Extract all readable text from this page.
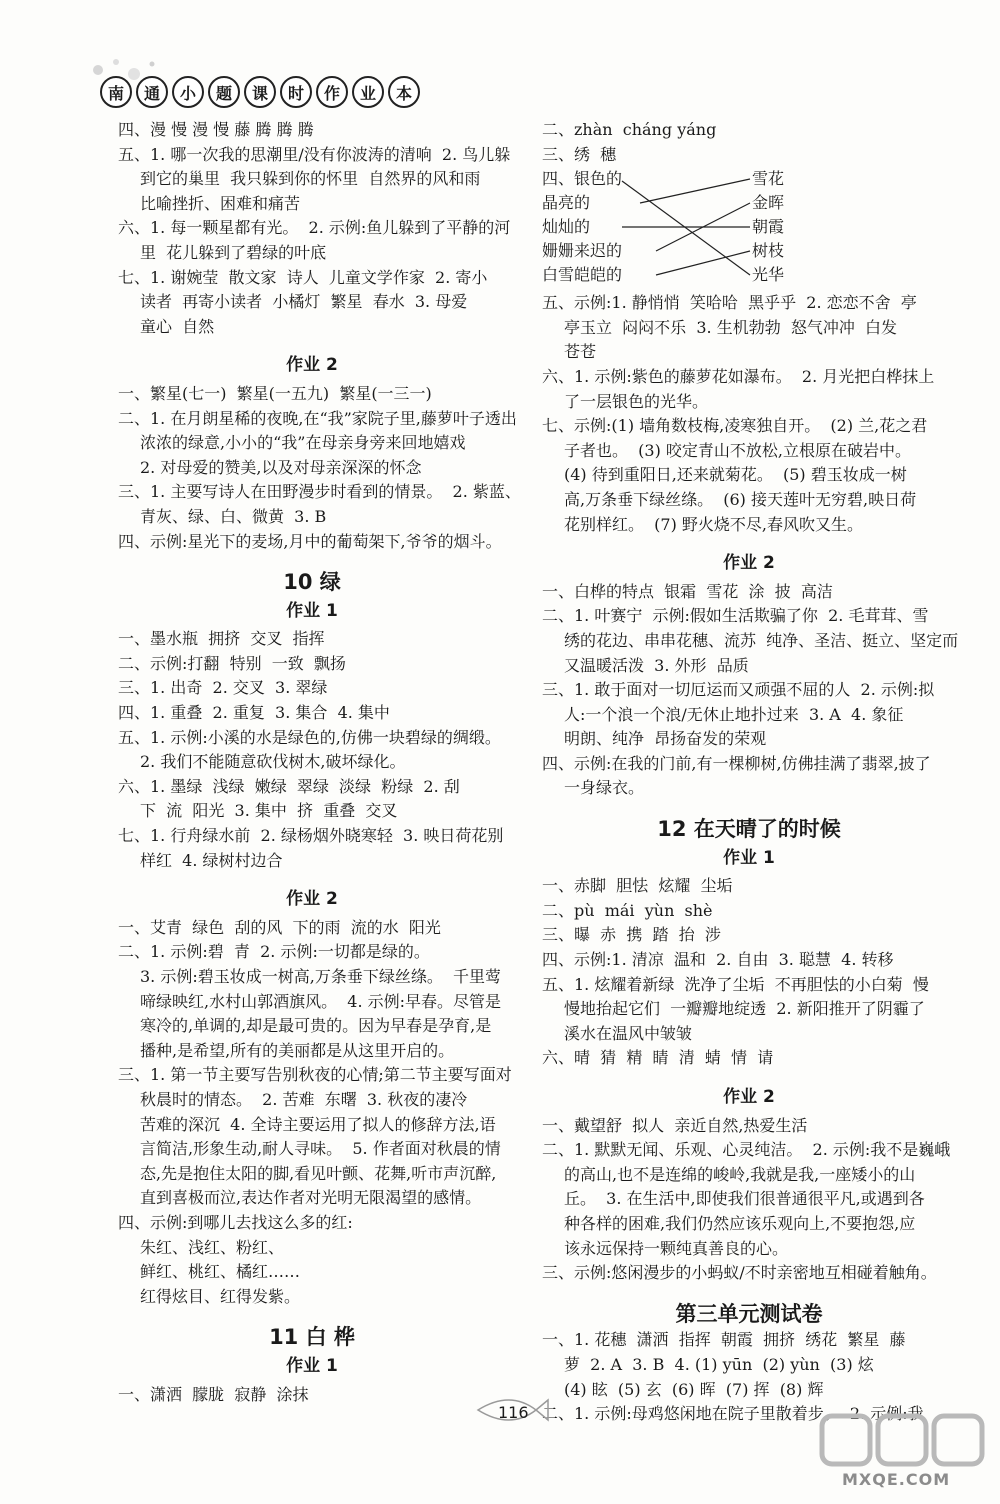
南	通	小	题	课	时	作	业	本
四、漫 慢 漫 慢 藤 腾 腾 腾
五、1. 哪一次我的思潮里/没有你波涛的清响  2. 鸟儿躲
到它的巢里  我只躲到你的怀里  自然界的风和雨
比喻挫折、困难和痛苦
六、1. 每一颗星都有光。  2. 示例:鱼儿躲到了平静的河
里  花儿躲到了碧绿的叶底
七、1. 谢婉莹  散文家  诗人  儿童文学作家  2. 寄小
读者  再寄小读者  小橘灯  繁星  春水  3. 母爱
童心  自然
作业 2
一、繁星(七一)  繁星(一五九)  繁星(一三一)
二、1. 在月朗星稀的夜晚,在“我”家院子里,藤萝叶子透出
浓浓的绿意,小小的“我”在母亲身旁来回地嬉戏
2. 对母爱的赞美,以及对母亲深深的怀念
三、1. 主要写诗人在田野漫步时看到的情景。  2. 紫蓝、
青灰、绿、白、微黄  3. B
四、示例:星光下的麦场,月中的葡萄架下,爷爷的烟斗。
10 绿
作业 1
一、墨水瓶  拥挤  交叉  指挥
二、示例:打翻  特别  一致  飘扬
三、1. 出奇  2. 交叉  3. 翠绿
四、1. 重叠  2. 重复  3. 集合  4. 集中
五、1. 示例:小溪的水是绿色的,仿佛一块碧绿的绸缎。
2. 我们不能随意砍伐树木,破坏绿化。
六、1. 墨绿  浅绿  嫩绿  翠绿  淡绿  粉绿  2. 刮
下  流  阳光  3. 集中  挤  重叠  交叉
七、1. 行舟绿水前  2. 绿杨烟外晓寒轻  3. 映日荷花别
样红  4. 绿树村边合
作业 2
一、艾青  绿色  刮的风  下的雨  流的水  阳光
二、1. 示例:碧  青  2. 示例:一切都是绿的。
3. 示例:碧玉妆成一树高,万条垂下绿丝绦。  千里莺
啼绿映红,水村山郭酒旗风。  4. 示例:早春。尽管是
寒冷的,单调的,却是最可贵的。因为早春是孕育,是
播种,是希望,所有的美丽都是从这里开启的。
三、1. 第一节主要写告别秋夜的心情;第二节主要写面对
秋晨时的情态。  2. 苦难  东曙  3. 秋夜的凄冷
苦难的深沉  4. 全诗主要运用了拟人的修辞方法,语
言简洁,形象生动,耐人寻味。  5. 作者面对秋晨的情
态,先是抱住太阳的脚,看见叶颤、花舞,听市声沉醉,
直到喜极而泣,表达作者对光明无限渴望的感情。
四、示例:到哪儿去找这么多的红:
朱红、浅红、粉红、
鲜红、桃红、橘红……
红得炫目、红得发紫。
11 白 桦
作业 1
一、潇洒  朦胧  寂静  涂抹
二、zhàn  cháng yáng
三、绣  穗
四、银色的
晶亮的
灿灿的
姗姗来迟的
白雪皑皑的
雪花
金晖
朝霞
树枝
光华
五、示例:1. 静悄悄  笑哈哈  黑乎乎  2. 恋恋不舍  亭
亭玉立  闷闷不乐  3. 生机勃勃  怒气冲冲  白发
苍苍
六、1. 示例:紫色的藤萝花如瀑布。  2. 月光把白桦抹上
了一层银色的光华。
七、示例:(1) 墙角数枝梅,凌寒独自开。  (2) 兰,花之君
子者也。  (3) 咬定青山不放松,立根原在破岩中。
(4) 待到重阳日,还来就菊花。  (5) 碧玉妆成一树
高,万条垂下绿丝绦。  (6) 接天莲叶无穷碧,映日荷
花别样红。  (7) 野火烧不尽,春风吹又生。
作业 2
一、白桦的特点  银霜  雪花  涂  披  高洁
二、1. 叶赛宁  示例:假如生活欺骗了你  2. 毛茸茸、雪
绣的花边、串串花穗、流苏  纯净、圣洁、挺立、坚定而
又温暖活泼  3. 外形  品质
三、1. 敢于面对一切厄运而又顽强不屈的人  2. 示例:拟
人:一个浪一个浪/无休止地扑过来  3. A  4. 象征
明朗、纯净  昂扬奋发的荣观
四、示例:在我的门前,有一棵柳树,仿佛挂满了翡翠,披了
一身绿衣。
12 在天晴了的时候
作业 1
一、赤脚  胆怯  炫耀  尘垢
二、pù  mái  yùn  shè
三、曝  赤  携  踏  抬  涉
四、示例:1. 清凉  温和  2. 自由  3. 聪慧  4. 转移
五、1. 炫耀着新绿  洗净了尘垢  不再胆怯的小白菊  慢
慢地抬起它们  一瓣瓣地绽透  2. 新阳推开了阴霾了
溪水在温风中皱皱
六、晴  猜  精  睛  清  蜻  情  请
作业 2
一、戴望舒  拟人  亲近自然,热爱生活
二、1. 默默无闻、乐观、心灵纯洁。  2. 示例:我不是巍峨
的高山,也不是连绵的峻岭,我就是我,一座矮小的山
丘。  3. 在生活中,即使我们很普通很平凡,或遇到各
种各样的困难,我们仍然应该乐观向上,不要抱怨,应
该永远保持一颗纯真善良的心。
三、示例:悠闲漫步的小蚂蚁/不时亲密地互相碰着触角。
第三单元测试卷
一、1. 花穗  潇洒  指挥  朝霞  拥挤  绣花  繁星  藤
萝  2. A  3. B  4. (1) yūn  (2) yùn  (3) 炫
(4) 眩  (5) 玄  (6) 晖  (7) 挥  (8) 辉
二、1. 示例:母鸡悠闲地在院子里散着步。  2. 示例:我
116
MXQE.COM
